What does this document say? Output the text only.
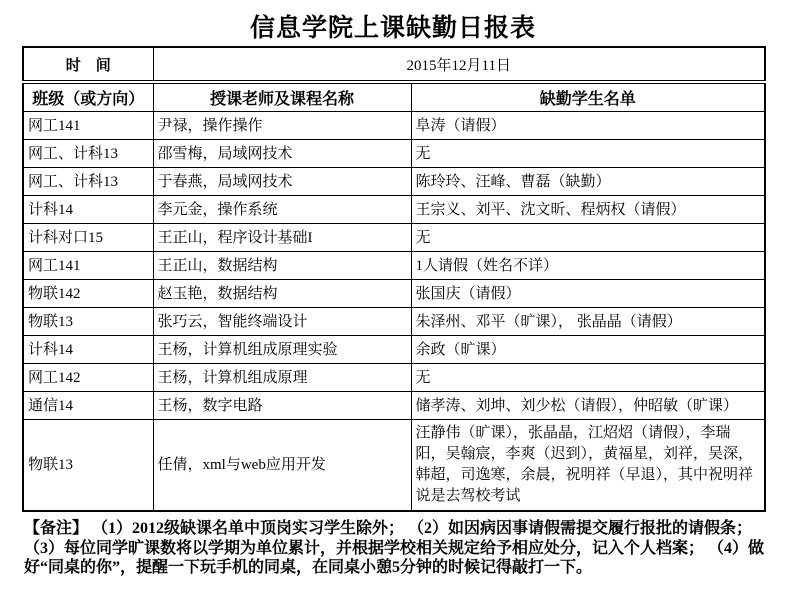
信息学院上课缺勤日报表
时　间	2015年12月11日	
班级（或方向）	授课老师及课程名称	缺勤学生名单
网工141	尹禄，操作操作	阜涛（请假）
网工、计科13	邵雪梅，局域网技术	无
网工、计科13	于春燕，局域网技术	陈玲玲、汪峰、曹磊（缺勤）
计科14	李元金，操作系统	王宗义、刘平、沈文昕、程炳权（请假）
计科对口15	王正山，程序设计基础I	无
网工141	王正山，数据结构	1人请假（姓名不详）
物联142	赵玉艳，数据结构	张国庆（请假）
物联13	张巧云，智能终端设计	朱泽州、邓平（旷课）， 张晶晶（请假）
计科14	王杨，计算机组成原理实验	余政（旷课）
网工142	王杨，计算机组成原理	无
通信14	王杨，数字电路	储孝涛、刘坤、刘少松（请假），仲昭敏（旷课）
物联13	任倩，xml与web应用开发	汪静伟（旷课），张晶晶，江炤炤（请假），李瑞阳，吴翰宸，李爽（迟到），黄福星，刘祥，吴深，韩超，司逸寒，余晨，祝明祥（早退），其中祝明祥说是去驾校考试
【备注】 （1）2012级缺课名单中顶岗实习学生除外； （2）如因病因事请假需提交履行报批的请假条；
（3）每位同学旷课数将以学期为单位累计，并根据学校相关规定给予相应处分，记入个人档案； （4）做
好“同桌的你”，提醒一下玩手机的同桌，在同桌小憩5分钟的时候记得敲打一下。
